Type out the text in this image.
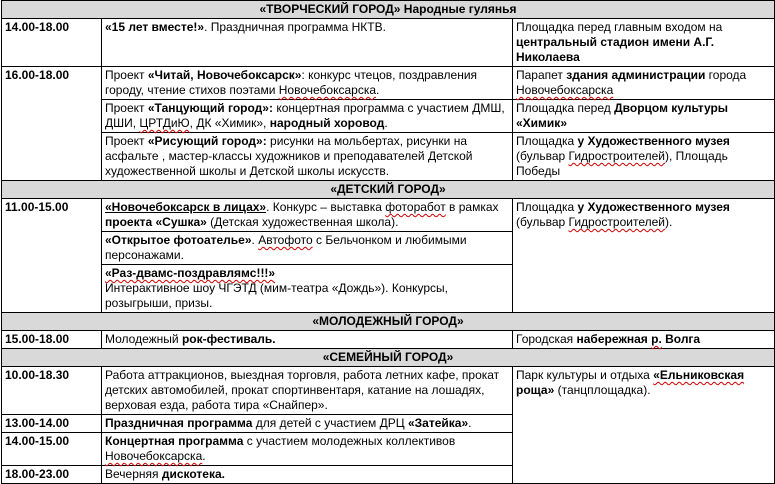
«ТВОРЧЕСКИЙ ГОРОД» Народные гулянья		
14.00-18.00	«15 лет вместе!». Праздничная программа НКТВ.	Площадка перед главным входом на центральный стадион имени А.Г. Николаева
16.00-18.00	Проект «Читай, Новочебоксарск»: конкурс чтецов, поздравления городу, чтение стихов поэтами Новочебоксарска.	Парапет здания администрации города Новочебоксарска
	Проект «Танцующий город»: концертная программа с участием ДМШ, ДШИ, ЦРТДиЮ, ДК «Химик», народный хоровод.	Площадка перед Дворцом культуры «Химик»
	Проект «Рисующий город»: рисунки на мольбертах, рисунки на асфальте , мастер-классы художников и преподавателей Детской художественной школы и Детской школы искусств.	Площадка у Художественного музея (бульвар Гидростроителей), Площадь Победы
«ДЕТСКИЙ ГОРОД»		
11.00-15.00	«Новочебоксарск в лицах». Конкурс – выставка фоторабот в рамках проекта «Сушка» (Детская художественная школа).	Площадка у Художественного музея (бульвар Гидростроителей).
	«Открытое фотоателье». Автофото с Бельчонком и любимыми персонажами.	
	«Раз-двамс-поздравлямс!!!»
Интерактивное шоу ЧГЭТД (мим-театра «Дождь»). Конкурсы, розыгрыши, призы.	
«МОЛОДЕЖНЫЙ ГОРОД»		
15.00-18.00	Молодежный рок-фестиваль.	Городская набережная р. Волга
«СЕМЕЙНЫЙ ГОРОД»		
10.00-18.30	Работа аттракционов, выездная торговля, работа летних кафе, прокат детских автомобилей, прокат спортинвентаря, катание на лошадях, верховая езда, работа тира «Снайпер».	Парк культуры и отдыха «Ельниковская роща» (танцплощадка).
13.00-14.00	Праздничная программа для детей с участием ДРЦ «Затейка».	
14.00-15.00	Концертная программа с участием молодежных коллективов Новочебоксарска.	
18.00-23.00	Вечерняя дискотека.	
